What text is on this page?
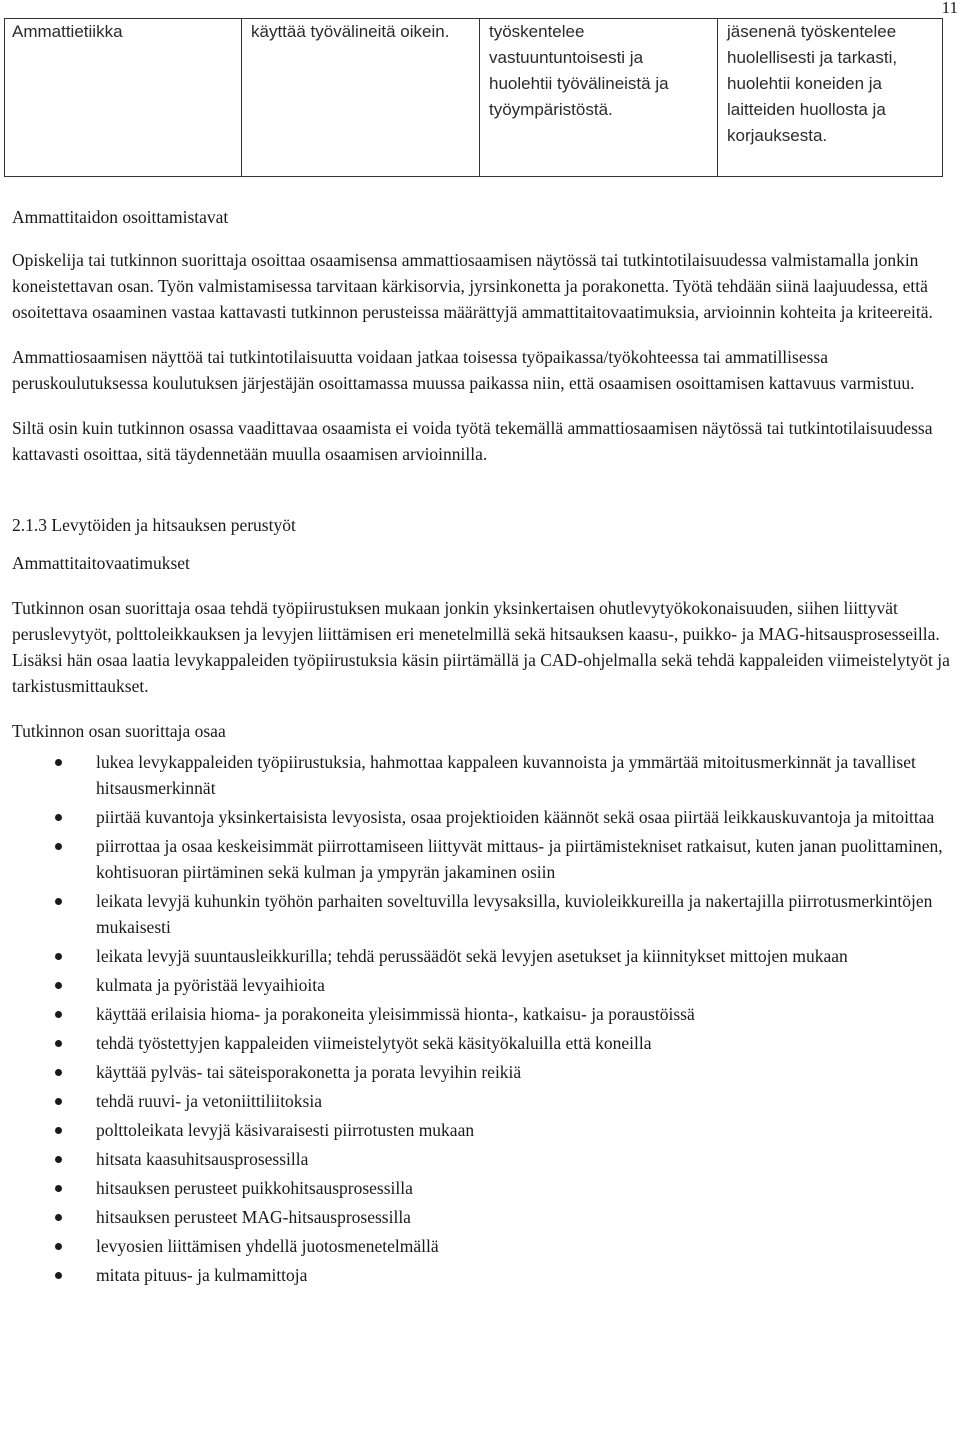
11
Ammattietiikka	käyttää työvälineitä oikein.	työskentelee vastuuntuntoisesti ja huolehtii työvälineistä ja työympäristöstä.	jäsenenä työskentelee huolellisesti ja tarkasti, huolehtii koneiden ja laitteiden huollosta ja korjauksesta.

Ammattitaidon osoittamistavat

Opiskelija tai tutkinnon suorittaja osoittaa osaamisensa ammattiosaamisen näytössä tai tutkintotilaisuudessa valmistamalla jonkin koneistettavan osan. Työn valmistamisessa tarvitaan kärkisorvia, jyrsinkonetta ja porakonetta. Työtä tehdään siinä laajuudessa, että osoitettava osaaminen vastaa kattavasti tutkinnon perusteissa määrättyjä ammattitaitovaatimuksia, arvioinnin kohteita ja kriteereitä.

Ammattiosaamisen näyttöä tai tutkintotilaisuutta voidaan jatkaa toisessa työpaikassa/työkohteessa tai ammatillisessa peruskoulutuksessa koulutuksen järjestäjän osoittamassa muussa paikassa niin, että osaamisen osoittamisen kattavuus varmistuu.

Siltä osin kuin tutkinnon osassa vaadittavaa osaamista ei voida työtä tekemällä ammattiosaamisen näytössä tai tutkintotilaisuudessa kattavasti osoittaa, sitä täydennetään muulla osaamisen arvioinnilla.

2.1.3 Levytöiden ja hitsauksen perustyöt

Ammattitaitovaatimukset

Tutkinnon osan suorittaja osaa tehdä työpiirustuksen mukaan jonkin yksinkertaisen ohutlevytyökokonaisuuden, siihen liittyvät peruslevytyöt, polttoleikkauksen ja levyjen liittämisen eri menetelmillä sekä hitsauksen kaasu-, puikko- ja MAG-hitsausprosesseilla. Lisäksi hän osaa laatia levykappaleiden työpiirustuksia käsin piirtämällä ja CAD-ohjelmalla sekä tehdä kappaleiden viimeistelytyöt ja tarkistusmittaukset.

Tutkinnon osan suorittaja osaa

lukea levykappaleiden työpiirustuksia, hahmottaa kappaleen kuvannoista ja ymmärtää mitoitusmerkinnät ja tavalliset hitsausmerkinnät
piirtää kuvantoja yksinkertaisista levyosista, osaa projektioiden käännöt sekä osaa piirtää leikkauskuvantoja ja mitoittaa
piirrottaa ja osaa keskeisimmät piirrottamiseen liittyvät mittaus- ja piirtämistekniset ratkaisut, kuten janan puolittaminen, kohtisuoran piirtäminen sekä kulman ja ympyrän jakaminen osiin
leikata levyjä kuhunkin työhön parhaiten soveltuvilla levysaksilla, kuvioleikkureilla ja nakertajilla piirrotusmerkintöjen mukaisesti
leikata levyjä suuntausleikkurilla; tehdä perussäädöt sekä levyjen asetukset ja kiinnitykset mittojen mukaan
kulmata ja pyöristää levyaihioita
käyttää erilaisia hioma- ja porakoneita yleisimmissä hionta-, katkaisu- ja poraustöissä
tehdä työstettyjen kappaleiden viimeistelytyöt sekä käsityökaluilla että koneilla
käyttää pylväs- tai säteisporakonetta ja porata levyihin reikiä
tehdä ruuvi- ja vetoniittiliitoksia
polttoleikata levyjä käsivaraisesti piirrotusten mukaan
hitsata kaasuhitsausprosessilla
hitsauksen perusteet puikkohitsausprosessilla
hitsauksen perusteet MAG-hitsausprosessilla
levyosien liittämisen yhdellä juotosmenetelmällä
mitata pituus- ja kulmamittoja
